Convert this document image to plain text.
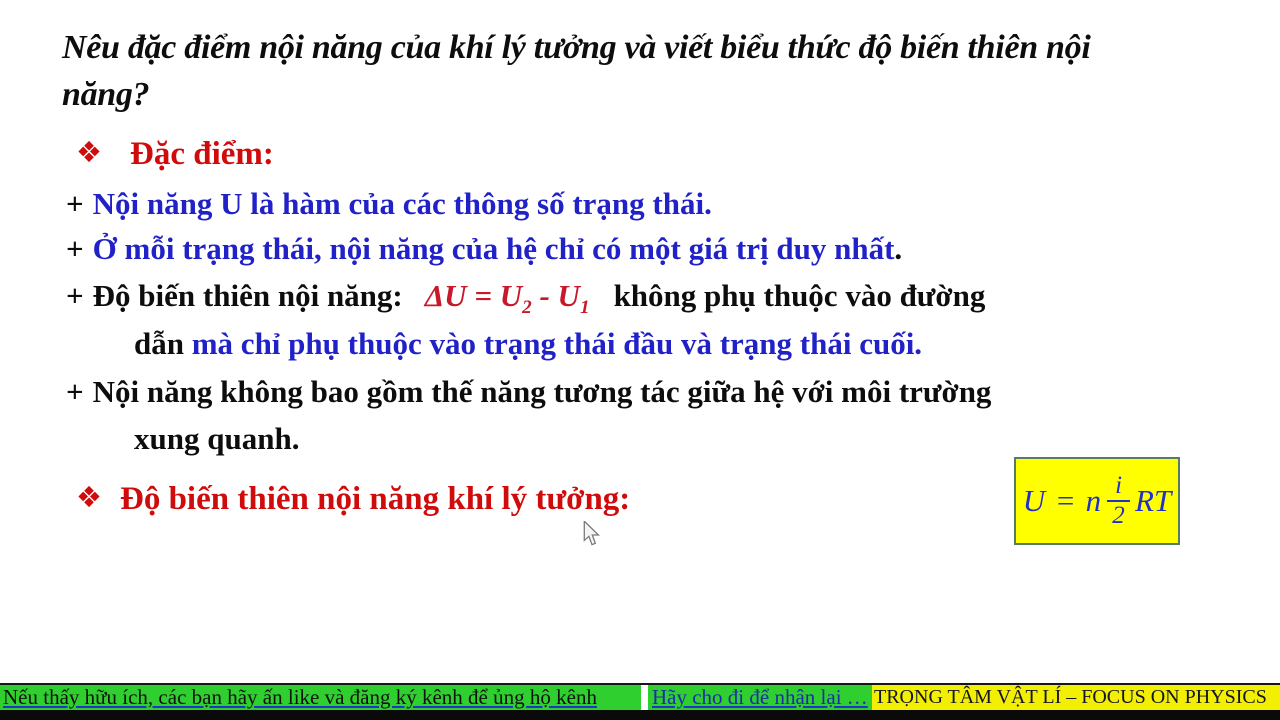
Nêu đặc điểm nội năng của khí lý tưởng và viết biểu thức độ biến thiên nội
năng?
❖ Đặc điểm:
+ Nội năng U là hàm của các thông số trạng thái.
+ Ở mỗi trạng thái, nội năng của hệ chỉ có một giá trị duy nhất.
+ Độ biến thiên nội năng: $\Delta U = U_2 - U_1$ không phụ thuộc vào đường
dẫn mà chỉ phụ thuộc vào trạng thái đầu và trạng thái cuối.
+ Nội năng không bao gồm thế năng tương tác giữa hệ với môi trường
xung quanh.
❖ Độ biến thiên nội năng khí lý tưởng:	U = n $\frac{i}{2}$ RT
Nếu thấy hữu ích, các bạn hãy ấn like và đăng ký kênh để ủng hộ kênh	Hãy cho đi để nhận lại … TRỌNG TÂM VẬT LÍ – FOCUS ON PHYSICS
